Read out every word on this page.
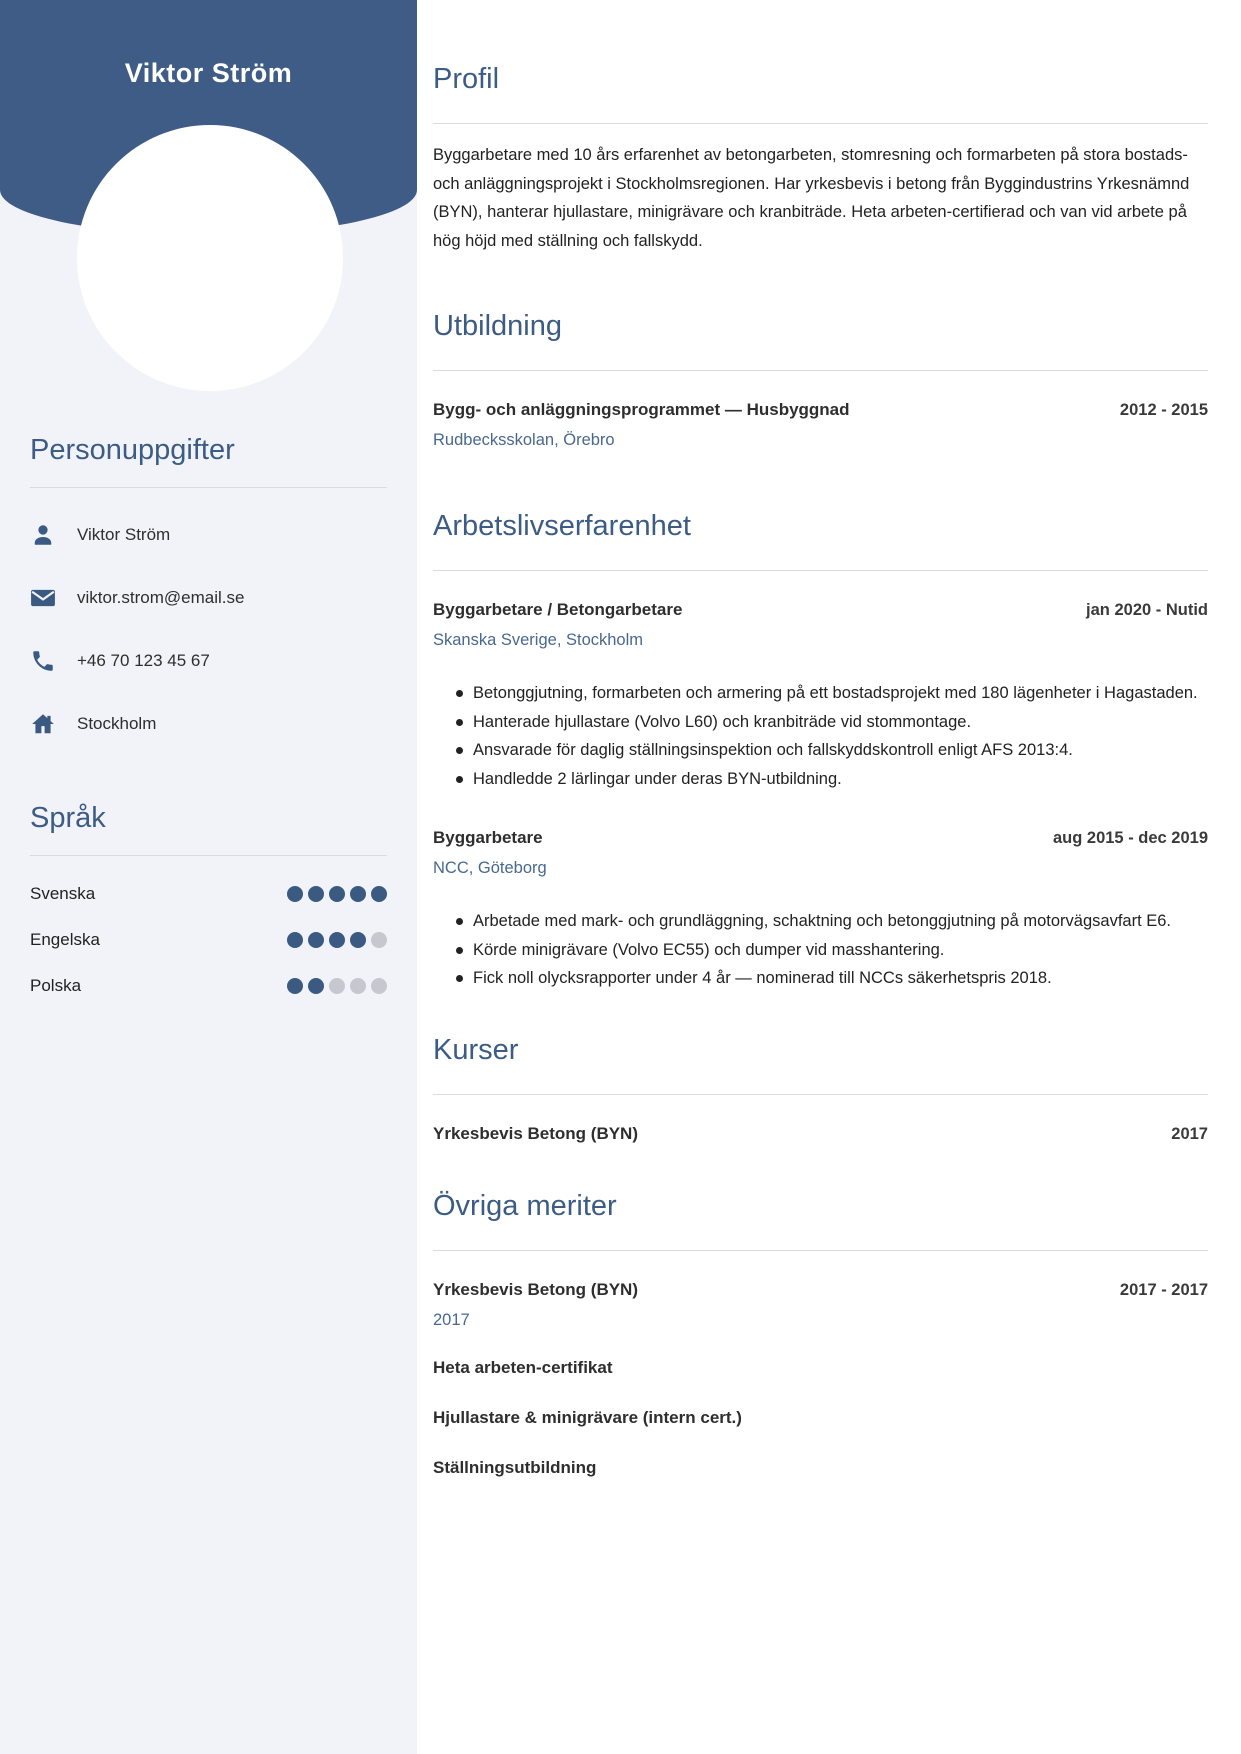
Viktor Ström
Personuppgifter
Viktor Ström
viktor.strom@email.se
+46 70 123 45 67
Stockholm
Språk
Svenska
Engelska
Polska
Profil

Byggarbetare med 10 års erfarenhet av betongarbeten, stomresning och formarbeten på stora bostads- och anläggningsprojekt i Stockholmsregionen. Har yrkesbevis i betong från Byggindustrins Yrkesnämnd (BYN), hanterar hjullastare, minigrävare och kranbiträde. Heta arbeten-certifierad och van vid arbete på hög höjd med ställning och fallskydd.

Utbildning
Bygg- och anläggningsprogrammet — Husbyggnad	2012 - 2015
Rudbecksskolan, Örebro
Arbetslivserfarenhet
Byggarbetare / Betongarbetare	jan 2020 - Nutid
Skanska Sverige, Stockholm
Betonggjutning, formarbeten och armering på ett bostadsprojekt med 180 lägenheter i Hagastaden.
Hanterade hjullastare (Volvo L60) och kranbiträde vid stommontage.
Ansvarade för daglig ställningsinspektion och fallskyddskontroll enligt AFS 2013:4.
Handledde 2 lärlingar under deras BYN-utbildning.
Byggarbetare	aug 2015 - dec 2019
NCC, Göteborg
Arbetade med mark- och grundläggning, schaktning och betonggjutning på motorvägsavfart E6.
Körde minigrävare (Volvo EC55) och dumper vid masshantering.
Fick noll olycksrapporter under 4 år — nominerad till NCCs säkerhetspris 2018.
Kurser
Yrkesbevis Betong (BYN)	2017
Övriga meriter
Yrkesbevis Betong (BYN)	2017 - 2017
2017
Heta arbeten-certifikat
Hjullastare & minigrävare (intern cert.)
Ställningsutbildning
